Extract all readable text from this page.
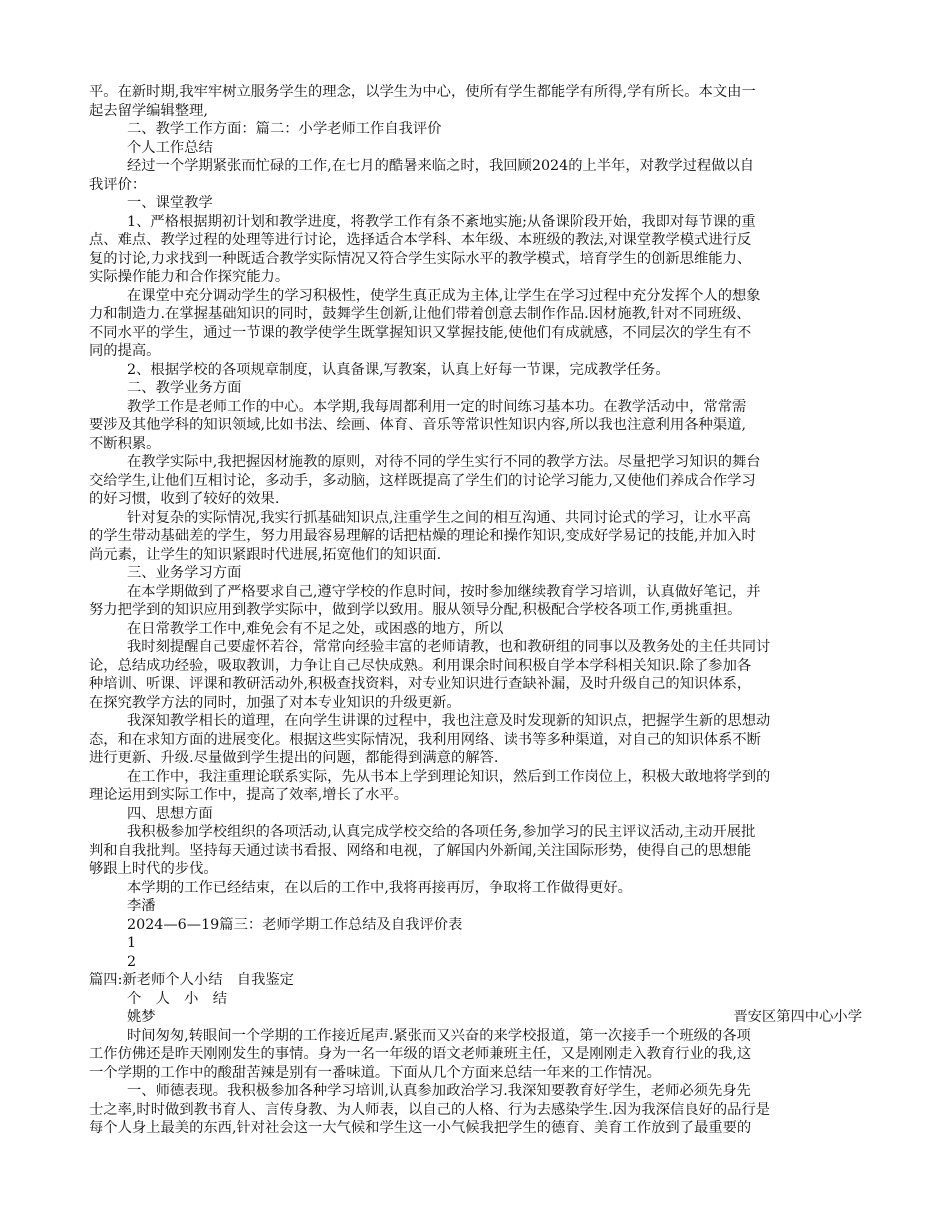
平。在新时期,我牢牢树立服务学生的理念，以学生为中心，使所有学生都能学有所得,学有所长。本文由一
起去留学编辑整理,
二、教学工作方面：篇二：小学老师工作自我评价
个人工作总结
经过一个学期紧张而忙碌的工作,在七月的酷暑来临之时，我回顾2024的上半年，对教学过程做以自
我评价：
一、课堂教学
1、严格根据期初计划和教学进度，将教学工作有条不紊地实施;从备课阶段开始，我即对每节课的重
点、难点、教学过程的处理等进行讨论，选择适合本学科、本年级、本班级的教法,对课堂教学模式进行反
复的讨论,力求找到一种既适合教学实际情况又符合学生实际水平的教学模式，培育学生的创新思维能力、
实际操作能力和合作探究能力。
在课堂中充分调动学生的学习积极性，使学生真正成为主体,让学生在学习过程中充分发挥个人的想象
力和制造力.在掌握基础知识的同时，鼓舞学生创新,让他们带着创意去制作作品.因材施教,针对不同班级、
不同水平的学生，通过一节课的教学使学生既掌握知识又掌握技能,使他们有成就感，不同层次的学生有不
同的提高。
2、根据学校的各项规章制度，认真备课,写教案，认真上好每一节课，完成教学任务。
二、教学业务方面
教学工作是老师工作的中心。本学期,我每周都利用一定的时间练习基本功。在教学活动中，常常需
要涉及其他学科的知识领域,比如书法、绘画、体育、音乐等常识性知识内容,所以我也注意利用各种渠道,
不断积累。
在教学实际中,我把握因材施教的原则，对待不同的学生实行不同的教学方法。尽量把学习知识的舞台
交给学生,让他们互相讨论，多动手，多动脑，这样既提高了学生们的讨论学习能力,又使他们养成合作学习
的好习惯，收到了较好的效果.
针对复杂的实际情况,我实行抓基础知识点,注重学生之间的相互沟通、共同讨论式的学习，让水平高
的学生带动基础差的学生，努力用最容易理解的话把枯燥的理论和操作知识,变成好学易记的技能,并加入时
尚元素，让学生的知识紧跟时代进展,拓宽他们的知识面.
三、业务学习方面
在本学期做到了严格要求自己,遵守学校的作息时间，按时参加继续教育学习培训，认真做好笔记，并
努力把学到的知识应用到教学实际中，做到学以致用。服从领导分配,积极配合学校各项工作,勇挑重担。
在日常教学工作中,难免会有不足之处，或困惑的地方，所以
我时刻提醒自己要虚怀若谷，常常向经验丰富的老师请教，也和教研组的同事以及教务处的主任共同讨
论，总结成功经验，吸取教训，力争让自己尽快成熟。利用课余时间积极自学本学科相关知识.除了参加各
种培训、听课、评课和教研活动外,积极查找资料，对专业知识进行查缺补漏，及时升级自己的知识体系，
在探究教学方法的同时，加强了对本专业知识的升级更新。
我深知教学相长的道理，在向学生讲课的过程中，我也注意及时发现新的知识点，把握学生新的思想动
态，和在求知方面的进展变化。根据这些实际情况，我利用网络、读书等多种渠道，对自己的知识体系不断
进行更新、升级.尽量做到学生提出的问题，都能得到满意的解答.
在工作中，我注重理论联系实际，先从书本上学到理论知识，然后到工作岗位上，积极大敢地将学到的
理论运用到实际工作中，提高了效率,增长了水平。
四、思想方面
我积极参加学校组织的各项活动,认真完成学校交给的各项任务,参加学习的民主评议活动,主动开展批
判和自我批判。坚持每天通过读书看报、网络和电视，了解国内外新闻,关注国际形势，使得自己的思想能
够跟上时代的步伐。
本学期的工作已经结束，在以后的工作中,我将再接再厉，争取将工作做得更好。
李潘
2024—6—19篇三：老师学期工作总结及自我评价表
1
2
篇四:新老师个人小结　自我鉴定
个　人　小　结
姚梦	晋安区第四中心小学
时间匆匆,转眼间一个学期的工作接近尾声.紧张而又兴奋的来学校报道，第一次接手一个班级的各项
工作仿佛还是昨天刚刚发生的事情。身为一名一年级的语文老师兼班主任，又是刚刚走入教育行业的我,这
一个学期的工作中的酸甜苦辣是别有一番味道。下面从几个方面来总结一年来的工作情况。
一、师德表现。我积极参加各种学习培训,认真参加政治学习.我深知要教育好学生，老师必须先身先
士之率,时时做到教书育人、言传身教、为人师表，以自己的人格、行为去感染学生.因为我深信良好的品行是
每个人身上最美的东西,针对社会这一大气候和学生这一小气候我把学生的德育、美育工作放到了最重要的
